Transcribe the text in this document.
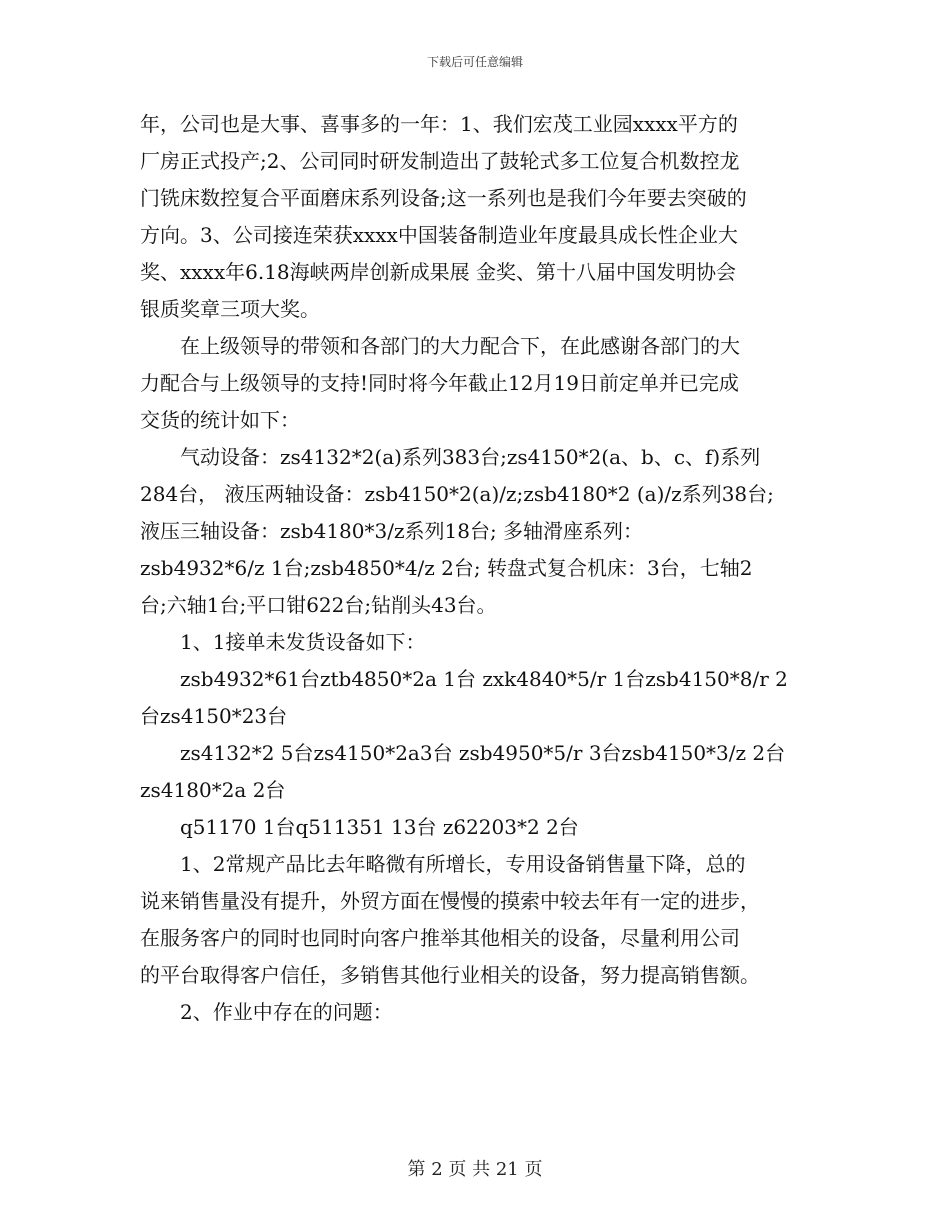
下载后可任意编辑
年，公司也是大事、喜事多的一年：1、我们宏茂工业园xxxx平方的
厂房正式投产;2、公司同时研发制造出了鼓轮式多工位复合机数控龙
门铣床数控复合平面磨床系列设备;这一系列也是我们今年要去突破的
方向。3、公司接连荣获xxxx中国装备制造业年度最具成长性企业大
奖、xxxx年6.18海峡两岸创新成果展 金奖、第十八届中国发明协会
银质奖章三项大奖。
在上级领导的带领和各部门的大力配合下，在此感谢各部门的大
力配合与上级领导的支持!同时将今年截止12月19日前定单并已完成
交货的统计如下：
气动设备：zs4132*2(a)系列383台;zs4150*2(a、b、c、f)系列
284台， 液压两轴设备：zsb4150*2(a)/z;zsb4180*2 (a)/z系列38台;
液压三轴设备：zsb4180*3/z系列18台; 多轴滑座系列：
zsb4932*6/z 1台;zsb4850*4/z 2台; 转盘式复合机床：3台，七轴2
台;六轴1台;平口钳622台;钻削头43台。
1、1接单未发货设备如下：
zsb4932*61台ztb4850*2a 1台 zxk4840*5/r 1台zsb4150*8/r 2
台zs4150*23台
zs4132*2 5台zs4150*2a3台 zsb4950*5/r 3台zsb4150*3/z 2台
zs4180*2a 2台
q51170 1台q511351 13台 z62203*2 2台
1、2常规产品比去年略微有所增长，专用设备销售量下降，总的
说来销售量没有提升，外贸方面在慢慢的摸索中较去年有一定的进步，
在服务客户的同时也同时向客户推举其他相关的设备，尽量利用公司
的平台取得客户信任，多销售其他行业相关的设备，努力提高销售额。
2、作业中存在的问题：
第 2 页 共 21 页
